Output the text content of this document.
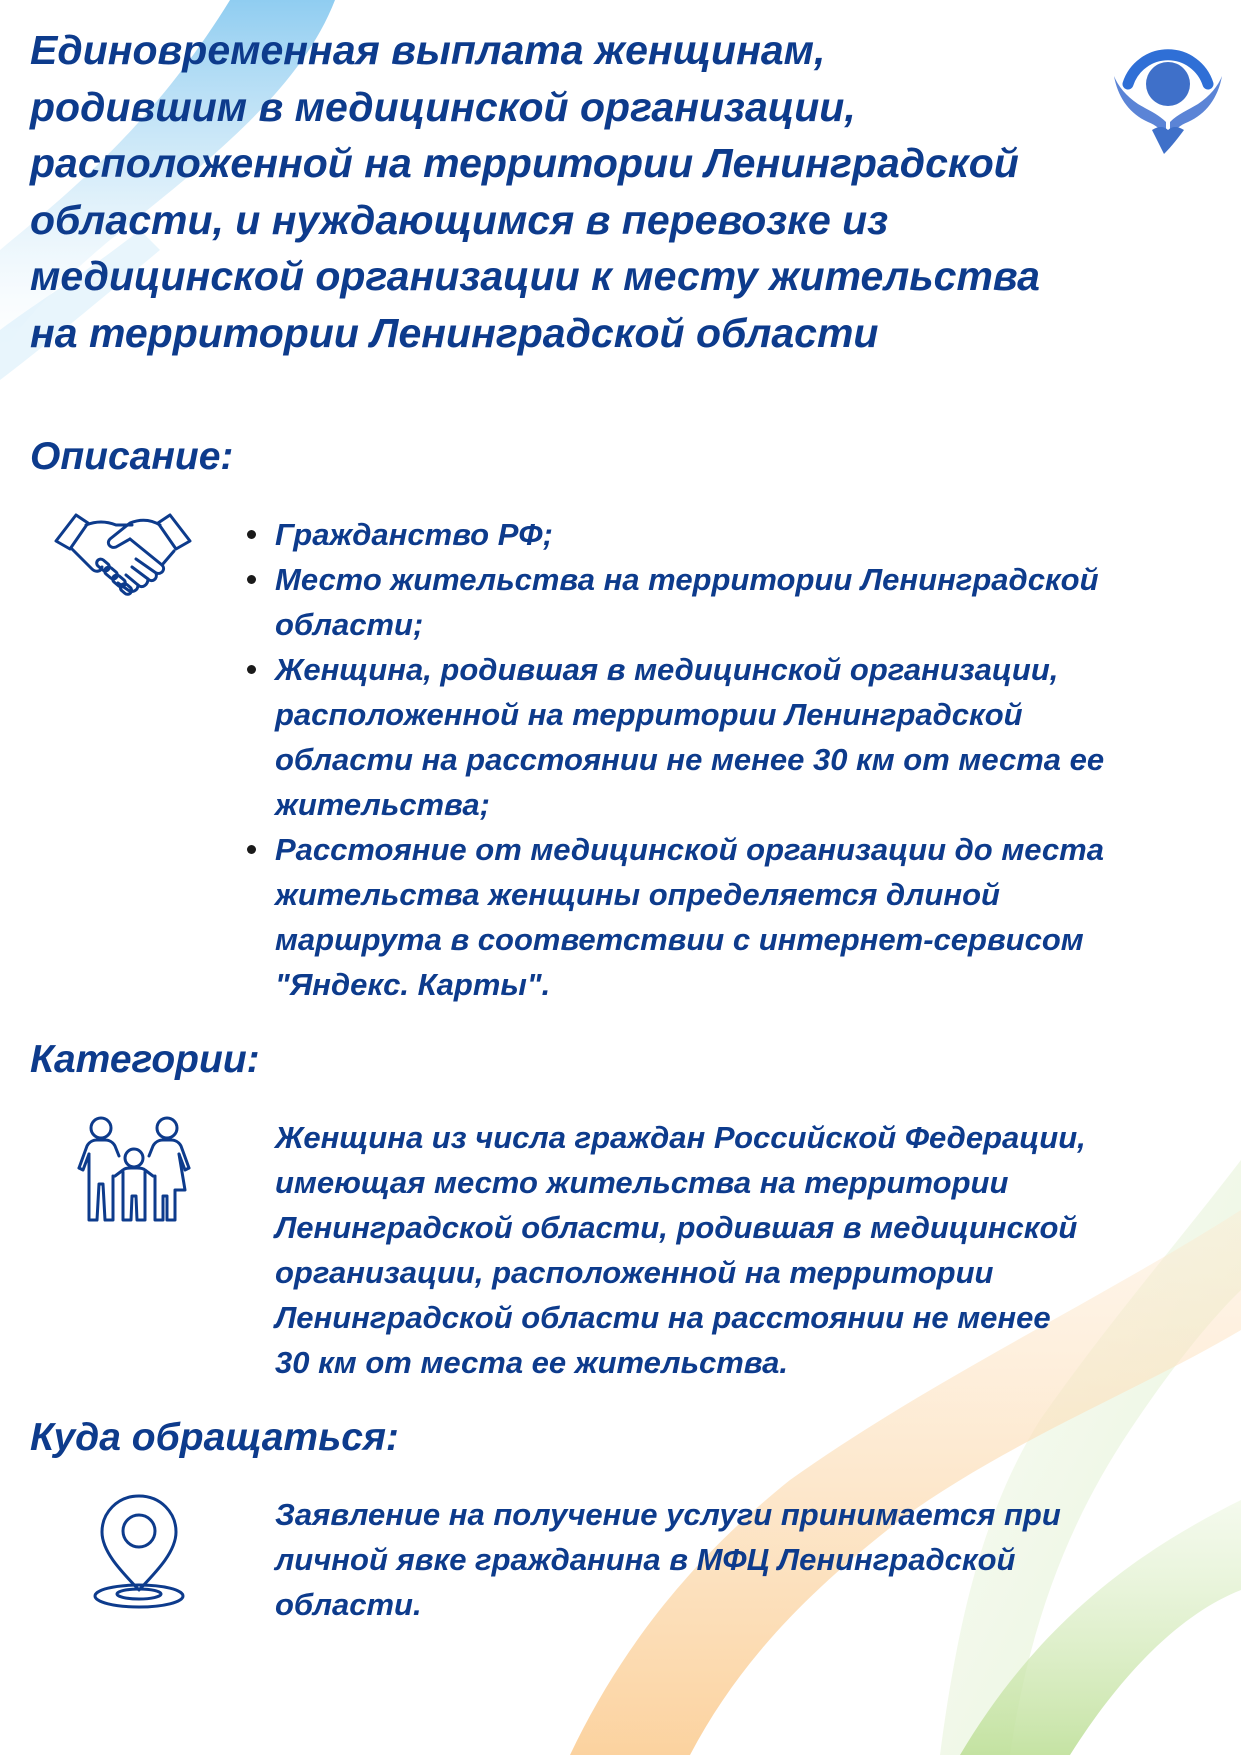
Единовременная выплата женщинам,
родившим в медицинской организации,
расположенной на территории Ленинградской
области, и нуждающимся в перевозке из
медицинской организации к месту жительства
на территории Ленинградской области
Описание:
Гражданство РФ;
Место жительства на территории Ленинградской
области;
Женщина, родившая в медицинской организации,
расположенной на территории Ленинградской
области на расстоянии не менее 30 км от места ее
жительства;
Расстояние от медицинской организации до места
жительства женщины определяется длиной
маршрута в соответствии с интернет-сервисом
"Яндекс. Карты".
Категории:

Женщина из числа граждан Российской Федерации,
имеющая место жительства на территории
Ленинградской области, родившая в медицинской
организации, расположенной на территории
Ленинградской области на расстоянии не менее
30 км от места ее жительства.

Куда обращаться:

Заявление на получение услуги принимается при
личной явке гражданина в МФЦ Ленинградской
области.
